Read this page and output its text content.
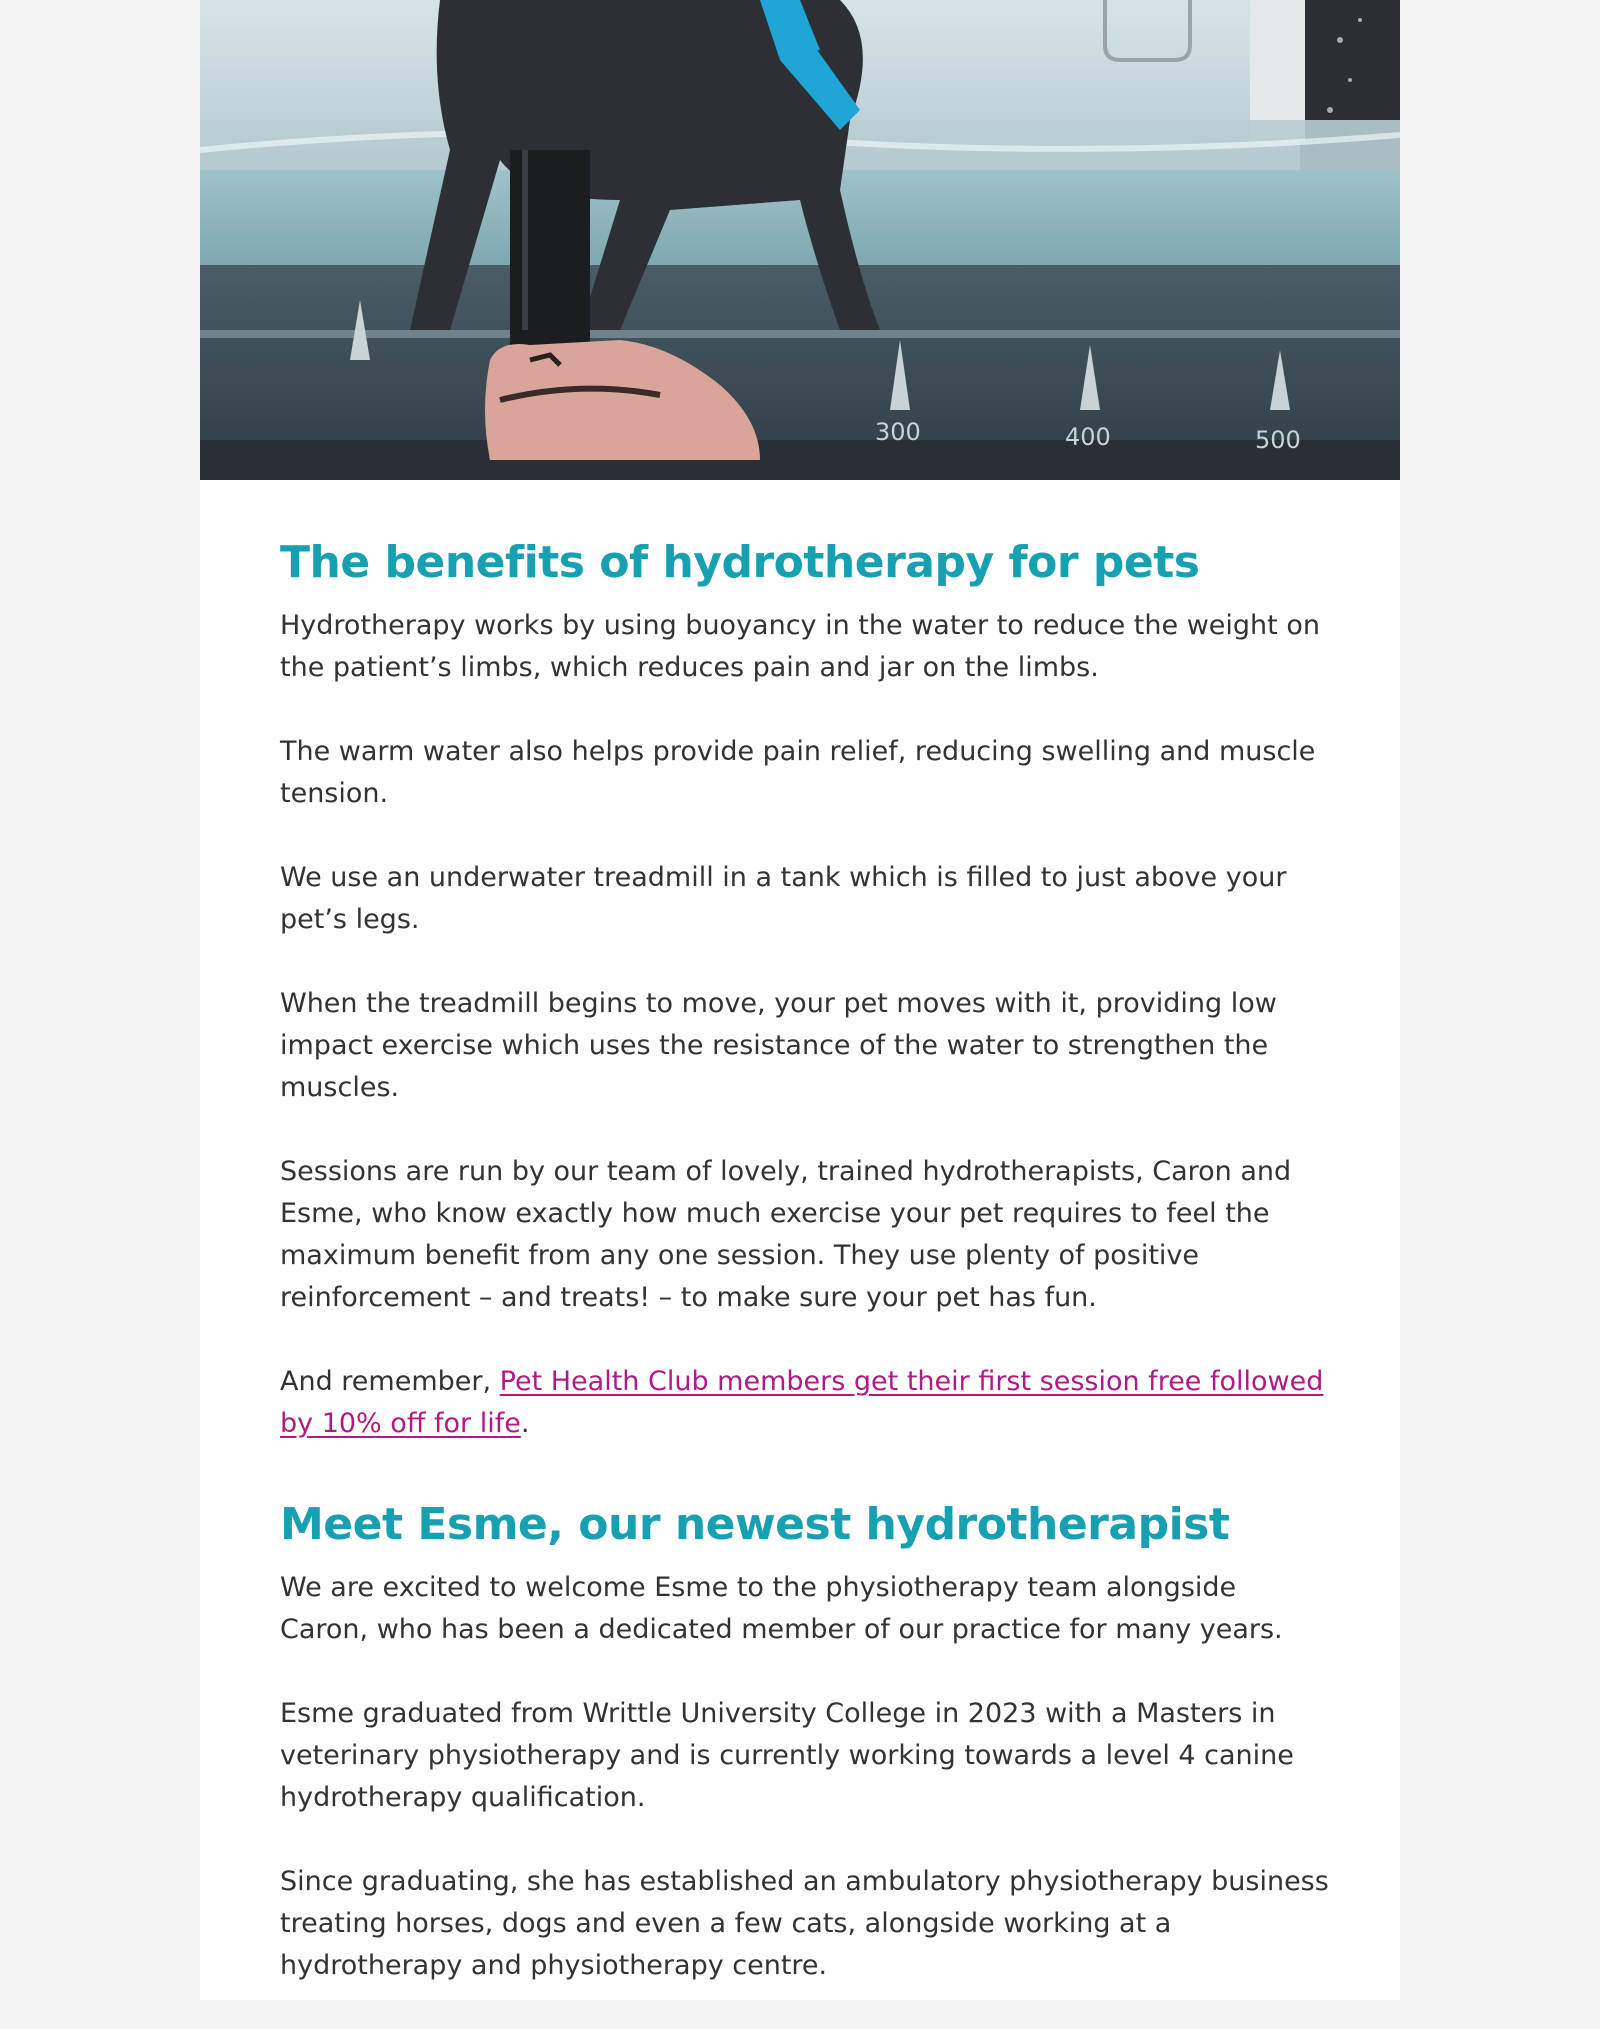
300	400	500
The benefits of hydrotherapy for pets

Hydrotherapy works by using buoyancy in the water to reduce the weight on the patient’s limbs, which reduces pain and jar on the limbs.

The warm water also helps provide pain relief, reducing swelling and muscle tension.

We use an underwater treadmill in a tank which is filled to just above your pet’s legs.

When the treadmill begins to move, your pet moves with it, providing low impact exercise which uses the resistance of the water to strengthen the muscles.

Sessions are run by our team of lovely, trained hydrotherapists, Caron and Esme, who know exactly how much exercise your pet requires to feel the maximum benefit from any one session. They use plenty of positive reinforcement – and treats! – to make sure your pet has fun.

And remember, Pet Health Club members get their first session free followed by 10% off for life.

Meet Esme, our newest hydrotherapist

We are excited to welcome Esme to the physiotherapy team alongside Caron, who has been a dedicated member of our practice for many years.

Esme graduated from Writtle University College in 2023 with a Masters in veterinary physiotherapy and is currently working towards a level 4 canine hydrotherapy qualification.

Since graduating, she has established an ambulatory physiotherapy business treating horses, dogs and even a few cats, alongside working at a hydrotherapy and physiotherapy centre.
